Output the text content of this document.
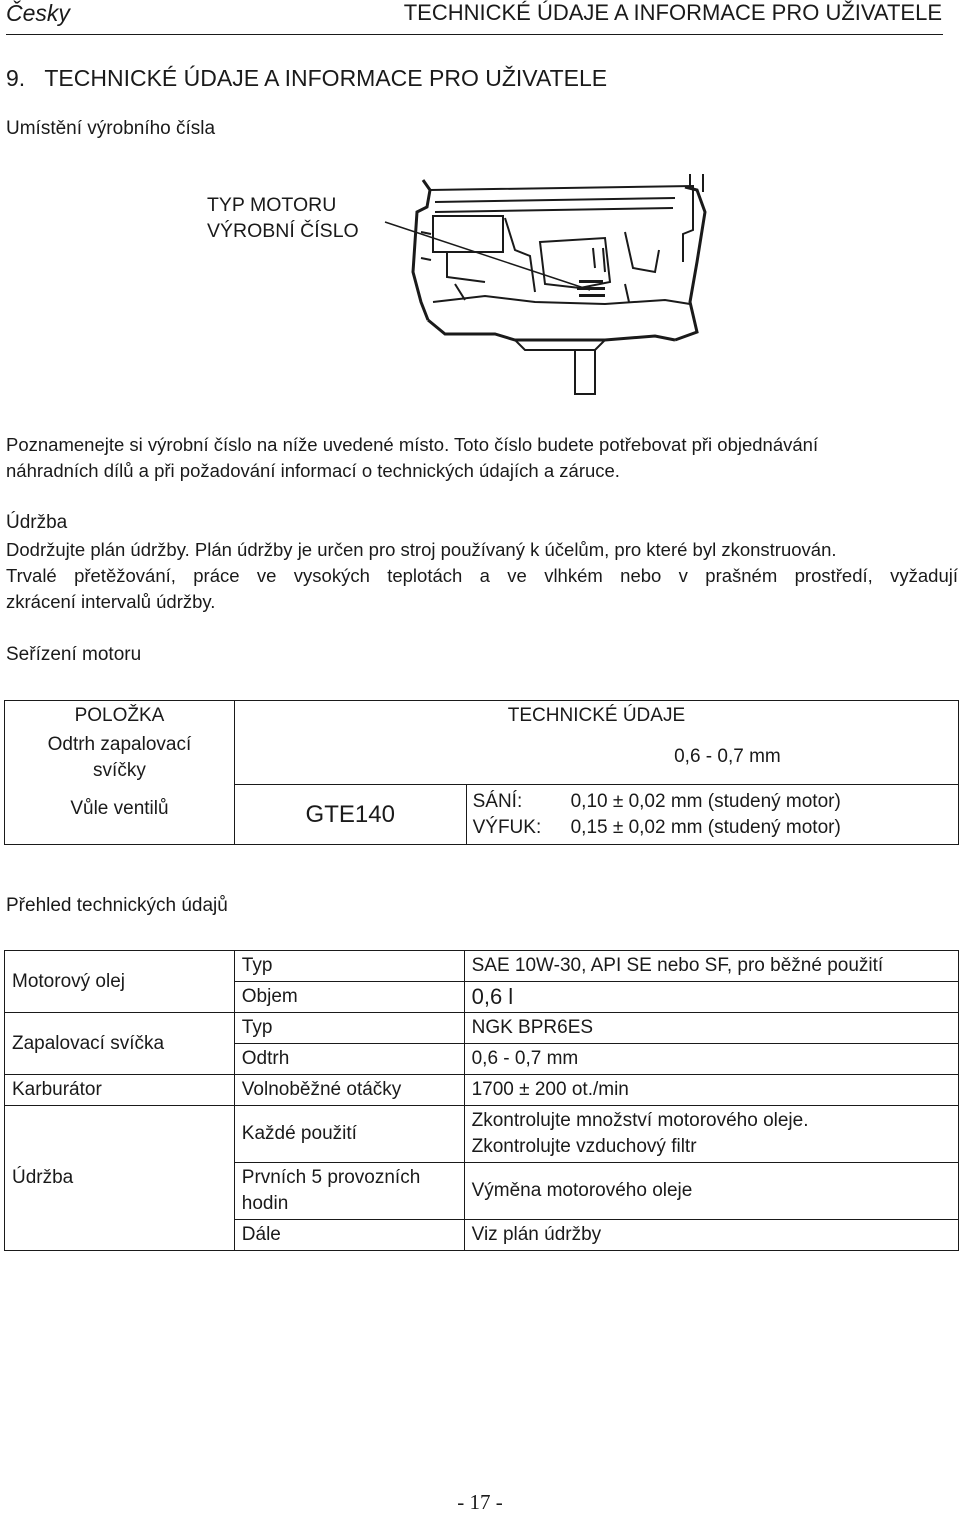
Česky	TECHNICKÉ ÚDAJE A INFORMACE PRO UŽIVATELE
9. TECHNICKÉ ÚDAJE A INFORMACE PRO UŽIVATELE
Umístění výrobního čísla
TYP MOTORU
VÝROBNÍ ČÍSLO
Poznamenejte si výrobní číslo na níže uvedené místo. Toto číslo budete potřebovat při objednávání
náhradních dílů a při požadování informací o technických údajích a záruce.
Údržba
Dodržujte plán údržby. Plán údržby je určen pro stroj používaný k účelům, pro které byl zkonstruován.
Trvalé přetěžování, práce ve vysokých teplotách a ve vlhkém nebo v prašném prostředí, vyžadují
zkrácení intervalů údržby.
Seřízení motoru
POLOŽKA	TECHNICKÉ ÚDAJE	

Odtrh zapalovací svíčky	0,6 - 0,7 mm	
Vůle ventilů	GTE140	SÁNÍ: 0,10 ± 0,02 mm (studený motor)
VÝFUK: 0,15 ± 0,02 mm (studený motor)
Přehled technických údajů
Motorový olej	Typ	SAE 10W-30, API SE nebo SF, pro běžné použití
	Objem	0,6 l
Zapalovací svíčka	Typ	NGK BPR6ES
	Odtrh	0,6 - 0,7 mm
Karburátor	Volnoběžné otáčky	1700 ± 200 ot./min
Údržba	Každé použití	Zkontrolujte množství motorového oleje.
Zkontrolujte vzduchový filtr

	Prvních 5 provozních hodin	Výměna motorového oleje
	Dále	Viz plán údržby
- 17 -
